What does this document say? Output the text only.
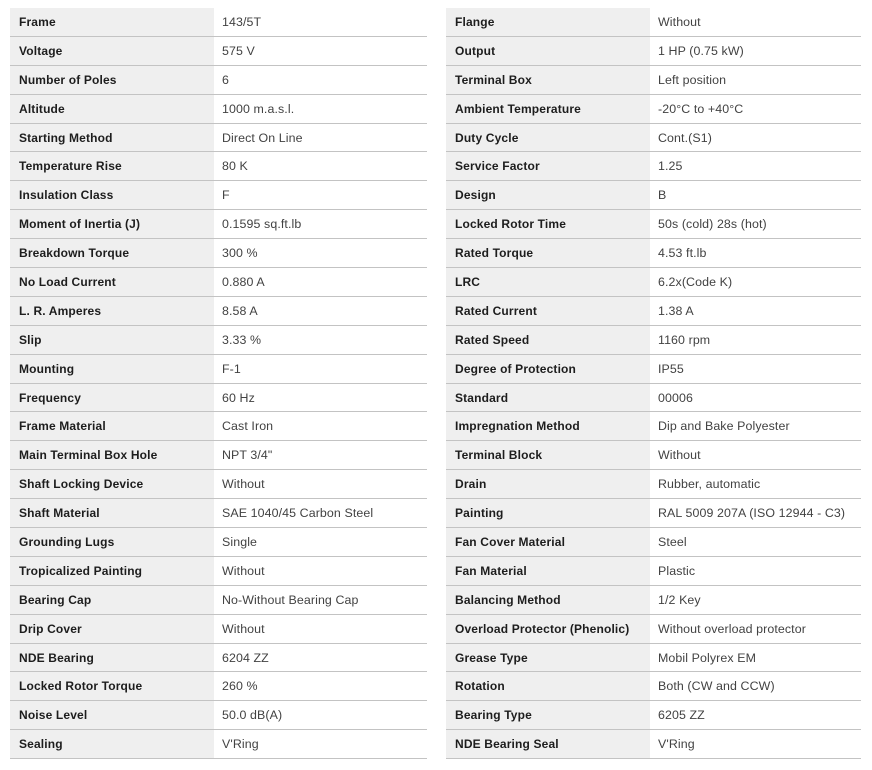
Frame	143/5T
Voltage	575 V
Number of Poles	6
Altitude	1000 m.a.s.l.
Starting Method	Direct On Line
Temperature Rise	80 K
Insulation Class	F
Moment of Inertia (J)	0.1595 sq.ft.lb
Breakdown Torque	300 %
No Load Current	0.880 A
L. R. Amperes	8.58 A
Slip	3.33 %
Mounting	F-1
Frequency	60 Hz
Frame Material	Cast Iron
Main Terminal Box Hole	NPT 3/4"
Shaft Locking Device	Without
Shaft Material	SAE 1040/45 Carbon Steel
Grounding Lugs	Single
Tropicalized Painting	Without
Bearing Cap	No-Without Bearing Cap
Drip Cover	Without
NDE Bearing	6204 ZZ
Locked Rotor Torque	260 %
Noise Level	50.0 dB(A)
Sealing	V'Ring
Flange	Without
Output	1 HP (0.75 kW)
Terminal Box	Left position
Ambient Temperature	-20°C to +40°C
Duty Cycle	Cont.(S1)
Service Factor	1.25
Design	B
Locked Rotor Time	50s (cold) 28s (hot)
Rated Torque	4.53 ft.lb
LRC	6.2x(Code K)
Rated Current	1.38 A
Rated Speed	1160 rpm
Degree of Protection	IP55
Standard	00006
Impregnation Method	Dip and Bake Polyester
Terminal Block	Without
Drain	Rubber, automatic
Painting	RAL 5009 207A (ISO 12944 - C3)
Fan Cover Material	Steel
Fan Material	Plastic
Balancing Method	1/2 Key
Overload Protector (Phenolic)	Without overload protector
Grease Type	Mobil Polyrex EM
Rotation	Both (CW and CCW)
Bearing Type	6205 ZZ
NDE Bearing Seal	V'Ring
